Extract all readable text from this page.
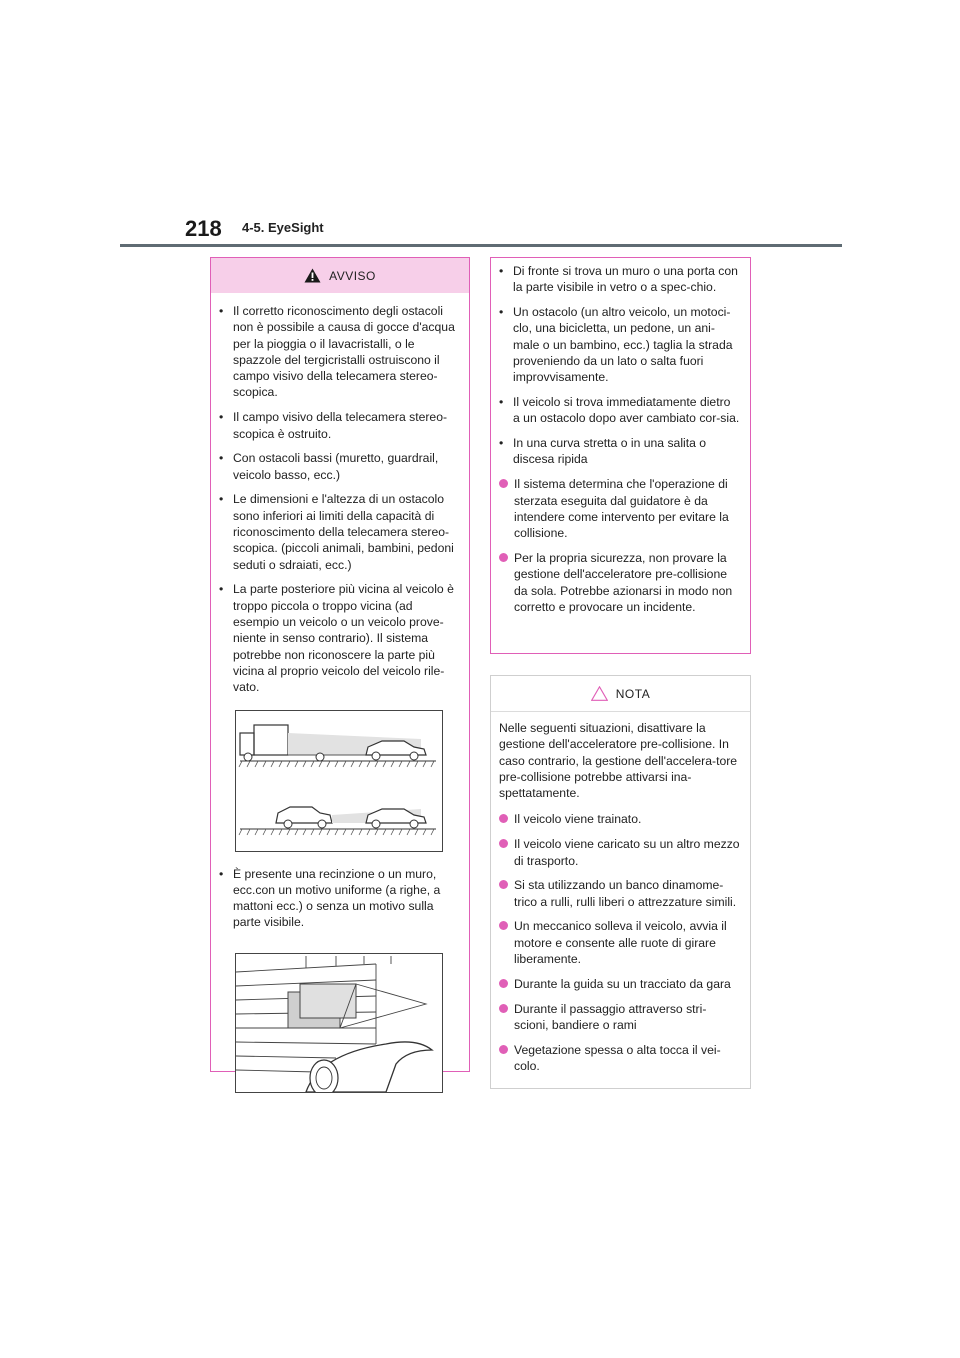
218 4-5. EyeSight
AVVISO
• Il corretto riconoscimento degli ostacoli non è possibile a causa di gocce d'acqua per la pioggia o il lavacristalli, o le spazzole del tergicristalli ostruiscono il campo visivo della telecamera stereo-scopica.
• Il campo visivo della telecamera stereo-scopica è ostruito.
• Con ostacoli bassi (muretto, guardrail, veicolo basso, ecc.)
• Le dimensioni e l'altezza di un ostacolo sono inferiori ai limiti della capacità di riconoscimento della telecamera stereo-scopica. (piccoli animali, bambini, pedoni seduti o sdraiati, ecc.)
• La parte posteriore più vicina al veicolo è troppo piccola o troppo vicina (ad esempio un veicolo o un veicolo prove-niente in senso contrario). Il sistema potrebbe non riconoscere la parte più vicina al proprio veicolo del veicolo rile-vato.
• È presente una recinzione o un muro, ecc.con un motivo uniforme (a righe, a mattoni ecc.) o senza un motivo sulla parte visibile.
• Di fronte si trova un muro o una porta con la parte visibile in vetro o a spec-chio.
• Un ostacolo (un altro veicolo, un motoci-clo, una bicicletta, un pedone, un ani-male o un bambino, ecc.) taglia la strada proveniendo da un lato o salta fuori improvvisamente.
• Il veicolo si trova immediatamente dietro a un ostacolo dopo aver cambiato cor-sia.
• In una curva stretta o in una salita o discesa ripida
Il sistema determina che l'operazione di sterzata eseguita dal guidatore è da intendere come intervento per evitare la collisione.
Per la propria sicurezza, non provare la gestione dell'acceleratore pre-collisione da sola. Potrebbe azionarsi in modo non corretto e provocare un incidente.
NOTA
Nelle seguenti situazioni, disattivare la gestione dell'acceleratore pre-collisione. In caso contrario, la gestione dell'accelera-tore pre-collisione potrebbe attivarsi ina-spettatamente.
Il veicolo viene trainato.
Il veicolo viene caricato su un altro mezzo di trasporto.
Si sta utilizzando un banco dinamome-trico a rulli, rulli liberi o attrezzature simili.
Un meccanico solleva il veicolo, avvia il motore e consente alle ruote di girare liberamente.
Durante la guida su un tracciato da gara
Durante il passaggio attraverso stri-scioni, bandiere o rami
Vegetazione spessa o alta tocca il vei-colo.
